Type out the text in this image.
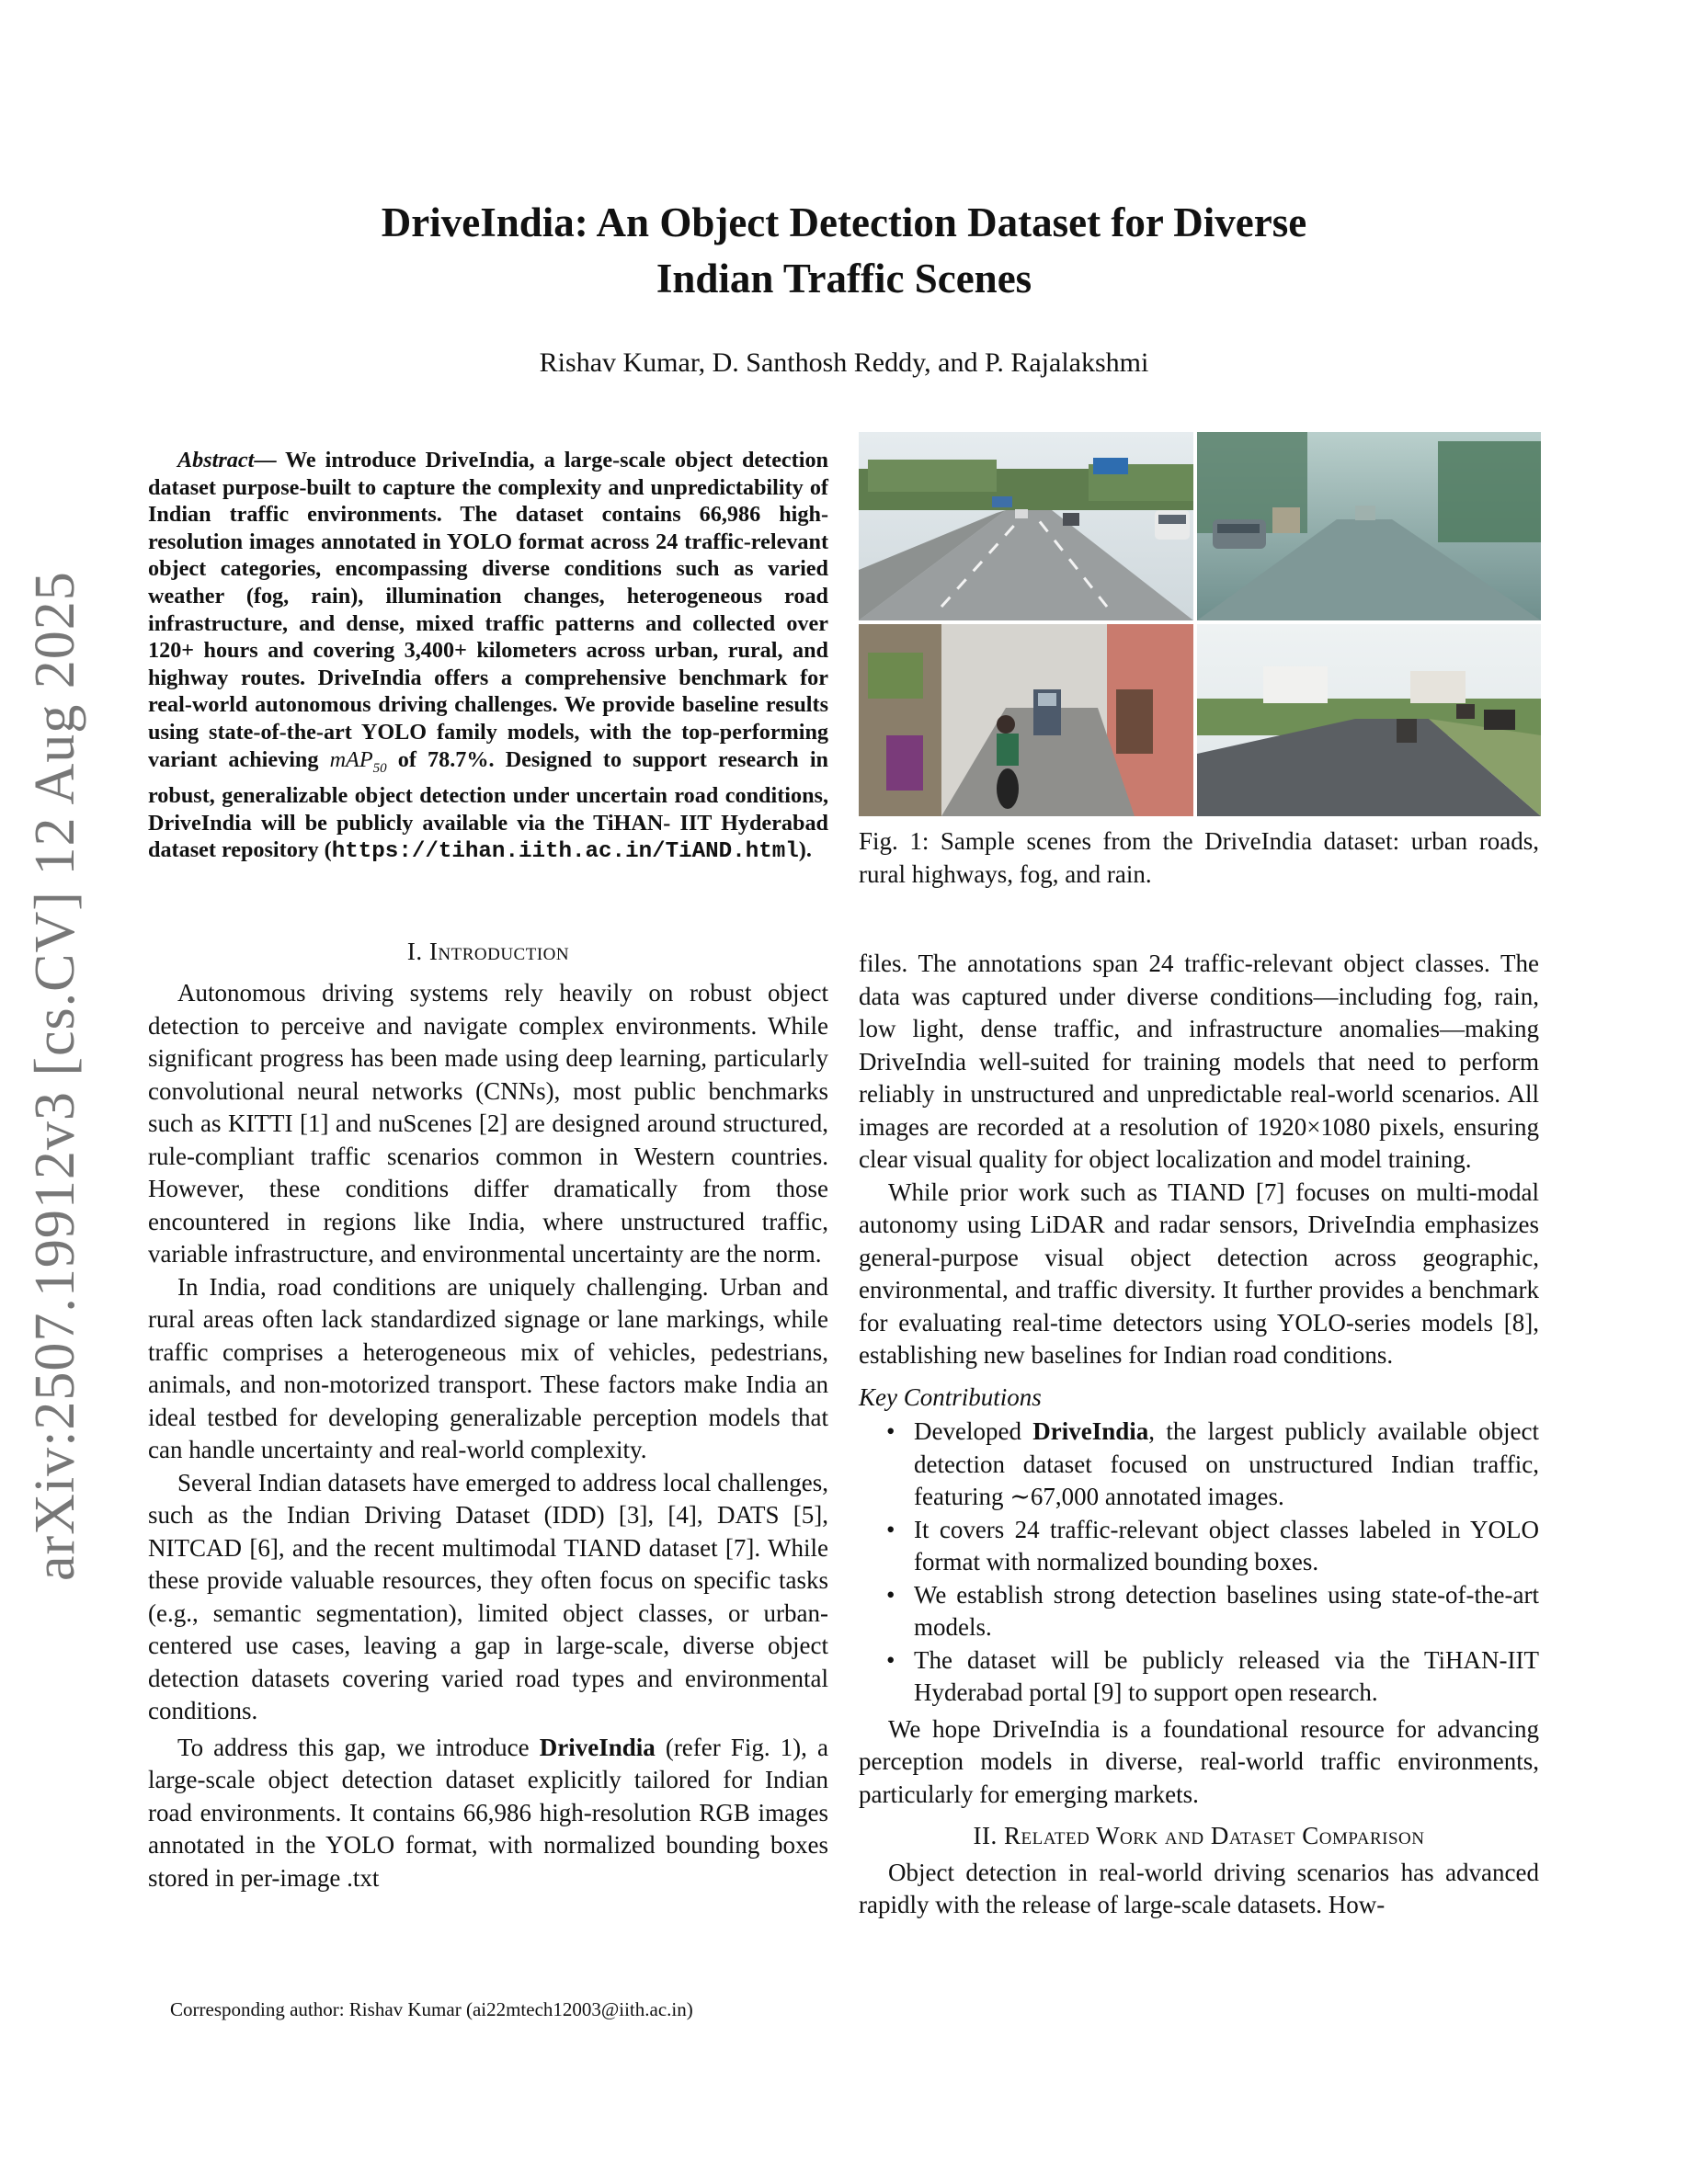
arXiv:2507.19912v3 [cs.CV] 12 Aug 2025
DriveIndia: An Object Detection Dataset for Diverse
Indian Traffic Scenes
Rishav Kumar, D. Santhosh Reddy, and P. Rajalakshmi
Abstract— We introduce DriveIndia, a large-scale object detection dataset purpose-built to capture the complexity and unpredictability of Indian traffic environments. The dataset contains 66,986 high-resolution images annotated in YOLO format across 24 traffic-relevant object categories, encompassing diverse conditions such as varied weather (fog, rain), illumination changes, heterogeneous road infrastructure, and dense, mixed traffic patterns and collected over 120+ hours and covering 3,400+ kilometers across urban, rural, and highway routes. DriveIndia offers a comprehensive benchmark for real-world autonomous driving challenges. We provide baseline results using state-of-the-art YOLO family models, with the top-performing variant achieving mAP$_{50}$ of 78.7%. Designed to support research in robust, generalizable object detection under uncertain road conditions, DriveIndia will be publicly available via the TiHAN- IIT Hyderabad dataset repository (https://tihan.iith.ac.in/TiAND.html).
I. Introduction

Autonomous driving systems rely heavily on robust object detection to perceive and navigate complex environments. While significant progress has been made using deep learning, particularly convolutional neural networks (CNNs), most public benchmarks such as KITTI [1] and nuScenes [2] are designed around structured, rule-compliant traffic scenarios common in Western countries. However, these conditions differ dramatically from those encountered in regions like India, where unstructured traffic, variable infrastructure, and environmental uncertainty are the norm.

In India, road conditions are uniquely challenging. Urban and rural areas often lack standardized signage or lane markings, while traffic comprises a heterogeneous mix of vehicles, pedestrians, animals, and non-motorized transport. These factors make India an ideal testbed for developing generalizable perception models that can handle uncertainty and real-world complexity.

Several Indian datasets have emerged to address local challenges, such as the Indian Driving Dataset (IDD) [3], [4], DATS [5], NITCAD [6], and the recent multimodal TIAND dataset [7]. While these provide valuable resources, they often focus on specific tasks (e.g., semantic segmentation), limited object classes, or urban-centered use cases, leaving a gap in large-scale, diverse object detection datasets covering varied road types and environmental conditions.

To address this gap, we introduce DriveIndia (refer Fig. 1), a large-scale object detection dataset explicitly tailored for Indian road environments. It contains 66,986 high-resolution RGB images annotated in the YOLO format, with normalized bounding boxes stored in per-image .txt

Corresponding author: Rishav Kumar (ai22mtech12003@iith.ac.in)
Fig. 1: Sample scenes from the DriveIndia dataset: urban roads, rural highways, fog, and rain.

files. The annotations span 24 traffic-relevant object classes. The data was captured under diverse conditions—including fog, rain, low light, dense traffic, and infrastructure anomalies—making DriveIndia well-suited for training models that need to perform reliably in unstructured and unpredictable real-world scenarios. All images are recorded at a resolution of 1920×1080 pixels, ensuring clear visual quality for object localization and model training.

While prior work such as TIAND [7] focuses on multi-modal autonomy using LiDAR and radar sensors, DriveIndia emphasizes general-purpose visual object detection across geographic, environmental, and traffic diversity. It further provides a benchmark for evaluating real-time detectors using YOLO-series models [8], establishing new baselines for Indian road conditions.

Key Contributions

• Developed DriveIndia, the largest publicly available object detection dataset focused on unstructured Indian traffic, featuring ∼67,000 annotated images.
• It covers 24 traffic-relevant object classes labeled in YOLO format with normalized bounding boxes.
• We establish strong detection baselines using state-of-the-art models.
• The dataset will be publicly released via the TiHAN-IIT Hyderabad portal [9] to support open research.

We hope DriveIndia is a foundational resource for advancing perception models in diverse, real-world traffic environments, particularly for emerging markets.

II. Related Work and Dataset Comparison

Object detection in real-world driving scenarios has advanced rapidly with the release of large-scale datasets. How-
